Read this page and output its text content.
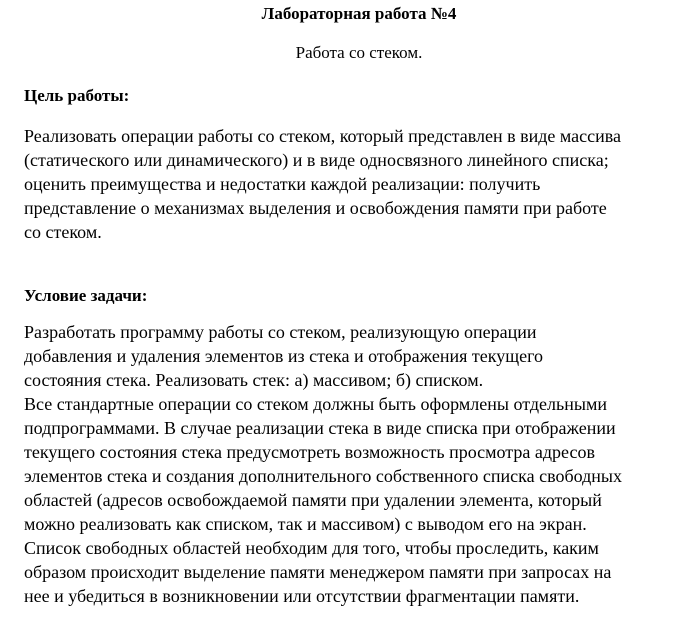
Лабораторная работа №4
Работа со стеком.
Цель работы:
Реализовать операции работы со стеком, который представлен в виде массива
(статического или динамического) и в виде односвязного линейного списка;
оценить преимущества и недостатки каждой реализации: получить
представление о механизмах выделения и освобождения памяти при работе
со стеком.
Условие задачи:
Разработать программу работы со стеком, реализующую операции
добавления и удаления элементов из стека и отображения текущего
состояния стека. Реализовать стек: а) массивом; б) списком.
Все стандартные операции со стеком должны быть оформлены отдельными
подпрограммами. В случае реализации стека в виде списка при отображении
текущего состояния стека предусмотреть возможность просмотра адресов
элементов стека и создания дополнительного собственного списка свободных
областей (адресов освобождаемой памяти при удалении элемента, который
можно реализовать как списком, так и массивом) с выводом его на экран.
Список свободных областей необходим для того, чтобы проследить, каким
образом происходит выделение памяти менеджером памяти при запросах на
нее и убедиться в возникновении или отсутствии фрагментации памяти.
